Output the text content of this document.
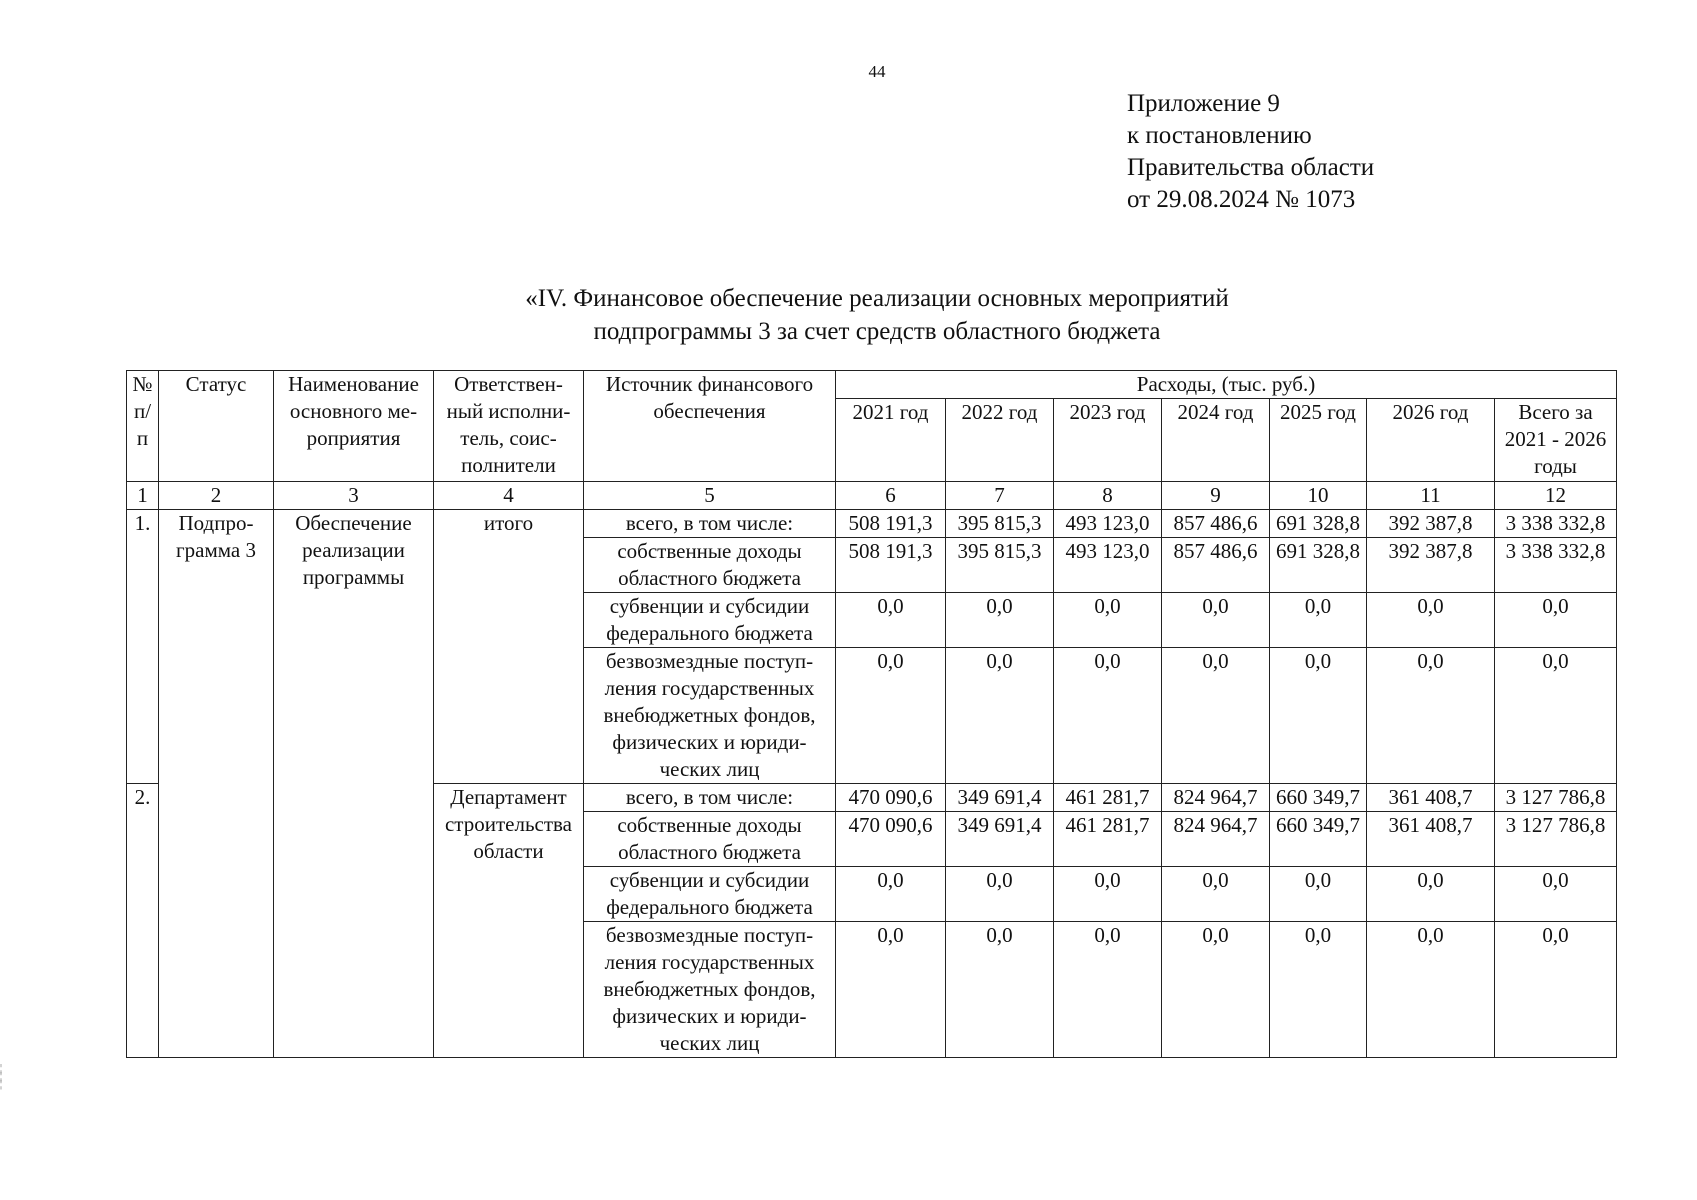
44
Приложение 9
к постановлению
Правительства области
от 29.08.2024 № 1073
«IV. Финансовое обеспечение реализации основных мероприятий
подпрограммы 3 за счет средств областного бюджета
№ п/п	Статус	Наименование основного ме-роприятия	Ответствен-ный исполни-тель, соис-полнители	Источник финансового обеспечения	Расходы, (тыс. руб.)						
					2021 год	2022 год	2023 год	2024 год	2025 год	2026 год	Всего за 2021 - 2026 годы
1	2	3	4	5	6	7	8	9	10	11	12
1.	Подпро-грамма 3	Обеспечение реализации программы	итого	всего, в том числе:	508 191,3	395 815,3	493 123,0	857 486,6	691 328,8	392 387,8	3 338 332,8
				собственные доходы областного бюджета	508 191,3	395 815,3	493 123,0	857 486,6	691 328,8	392 387,8	3 338 332,8
				субвенции и субсидии федерального бюджета	0,0	0,0	0,0	0,0	0,0	0,0	0,0
				безвозмездные поступ-ления государственных внебюджетных фондов, физических и юриди-ческих лиц	0,0	0,0	0,0	0,0	0,0	0,0	0,0
2.			Департамент строительства области	всего, в том числе:	470 090,6	349 691,4	461 281,7	824 964,7	660 349,7	361 408,7	3 127 786,8
				собственные доходы областного бюджета	470 090,6	349 691,4	461 281,7	824 964,7	660 349,7	361 408,7	3 127 786,8
				субвенции и субсидии федерального бюджета	0,0	0,0	0,0	0,0	0,0	0,0	0,0
				безвозмездные поступ-ления государственных внебюджетных фондов, физических и юриди-ческих лиц	0,0	0,0	0,0	0,0	0,0	0,0	0,0
¦
¦
¦
